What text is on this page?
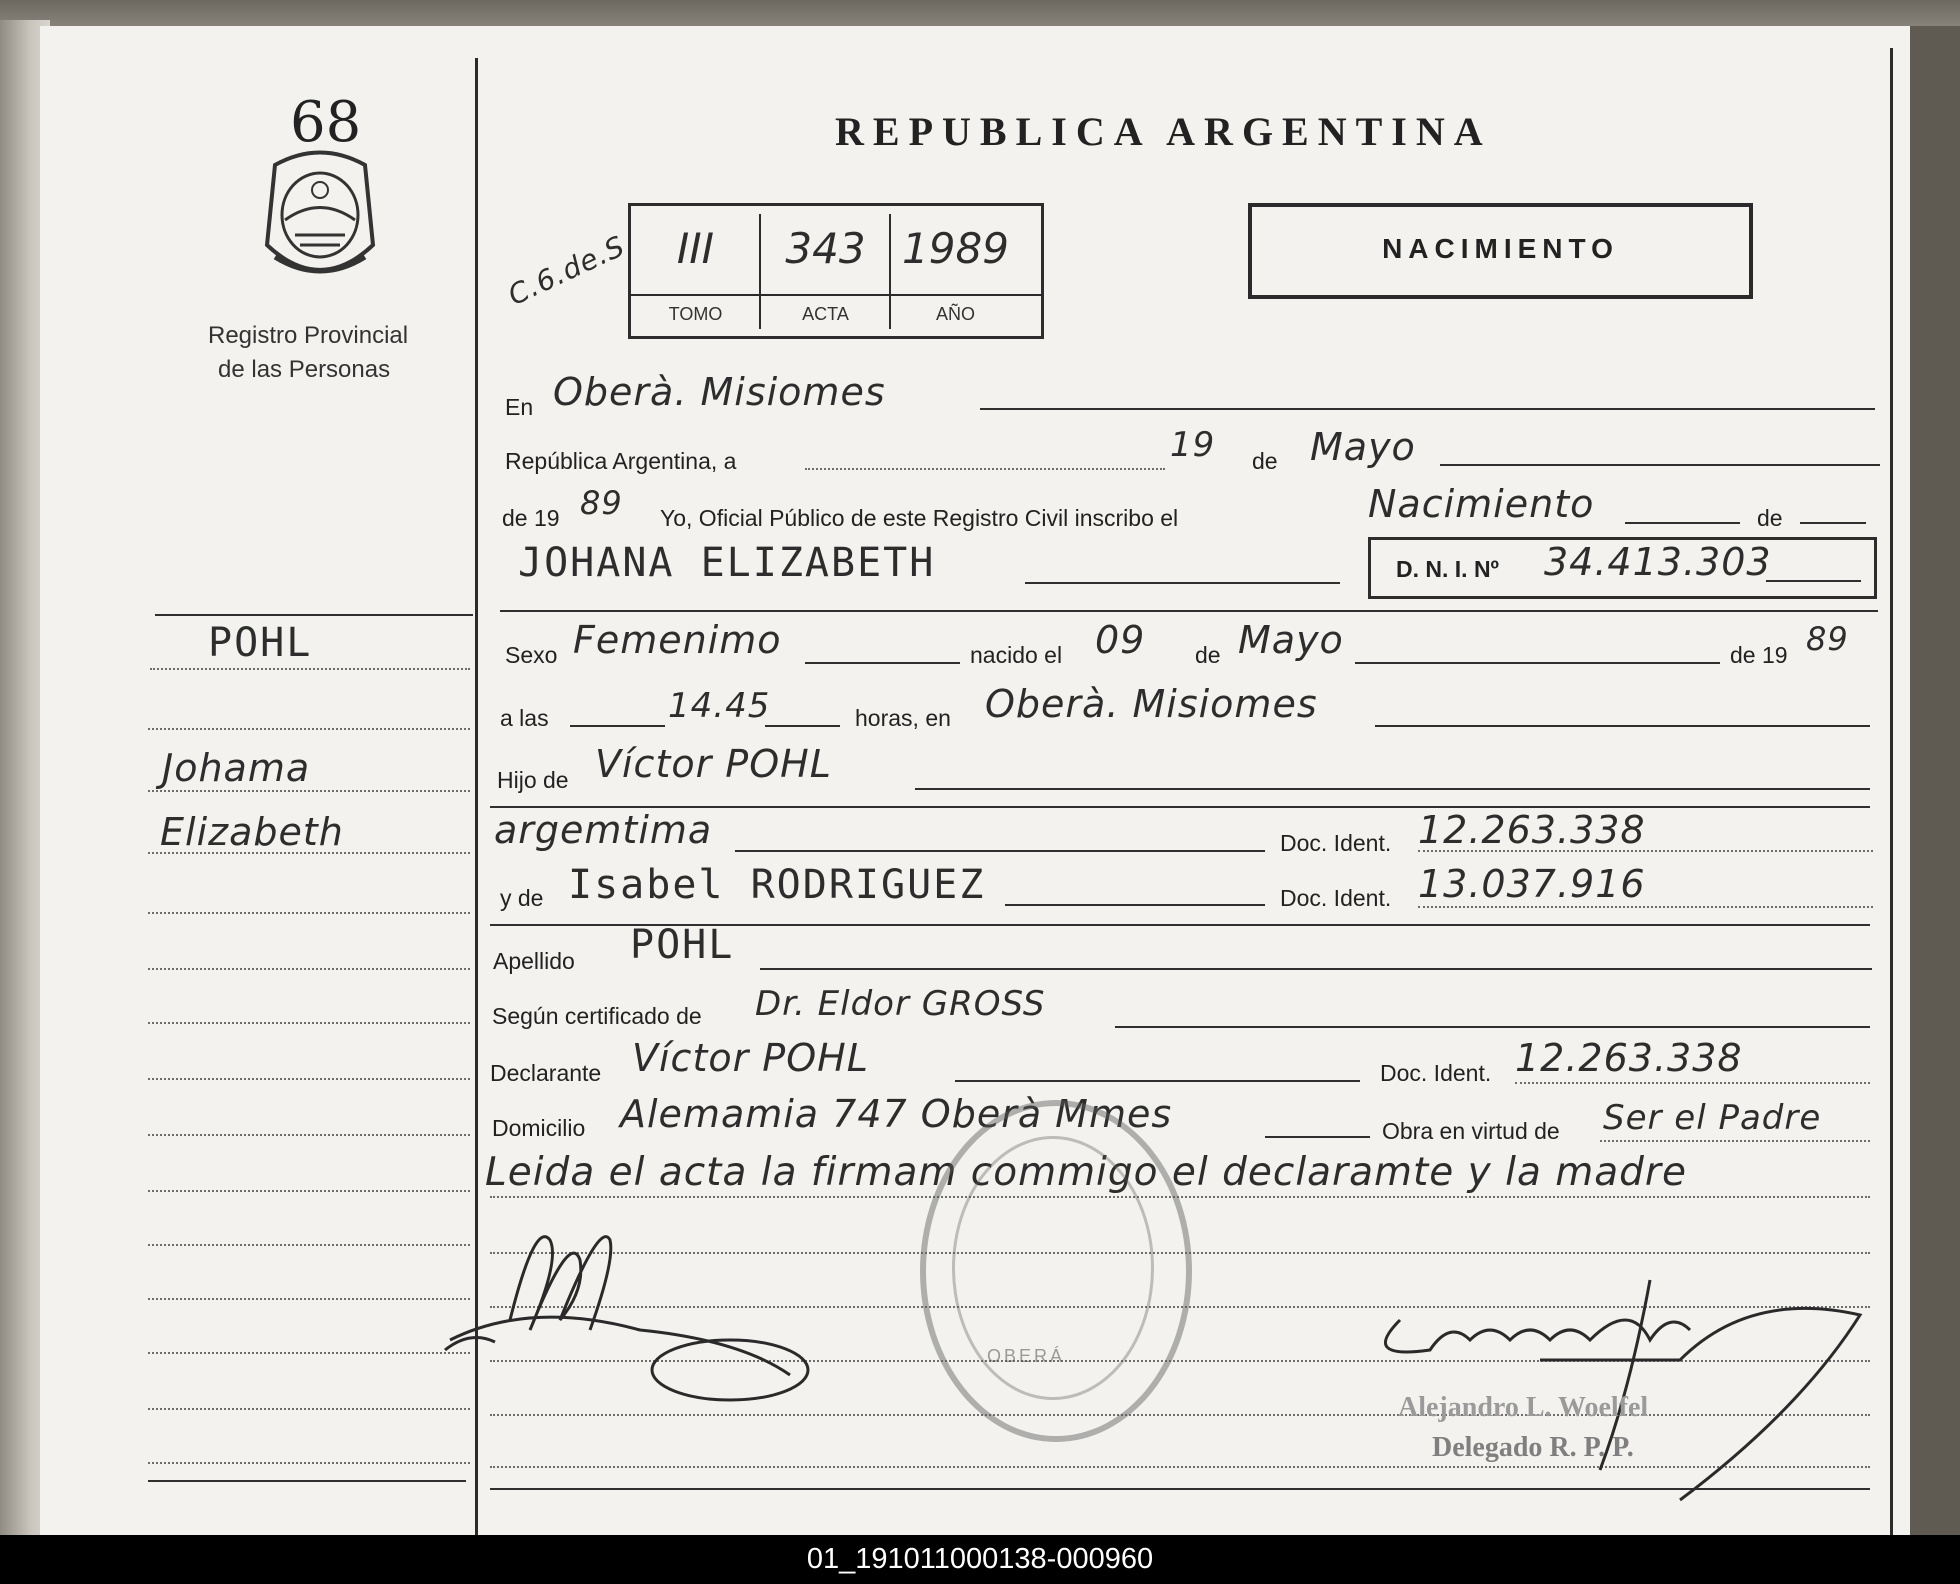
68
Registro Provincial
de las Personas
POHL
Johama
Elizabeth
REPUBLICA ARGENTINA
C.6.de.S	III	343 1989
TOMO	ACTA	AÑO
NACIMIENTO
En Oberà. Misiomes
República Argentina, a	19 de Mayo
de 19 89 Yo, Oficial Público de este Registro Civil inscribo el	Nacimiento	de
JOHANA ELIZABETH	D. N. I. Nº 34.413.303
Sexo Femenimo	nacido el 09 de Mayo	de 19 89
a las	14.45	horas, en Oberà. Misiomes
Hijo de Víctor POHL
argemtima	Doc. Ident. 12.263.338
y de Isabel RODRIGUEZ	Doc. Ident. 13.037.916
Apellido POHL
Según certificado de Dr. Eldor GROSS
Declarante Víctor POHL	Doc. Ident. 12.263.338
Domicilio Alemamia 747 Oberà Mmes	Obra en virtud de Ser el Padre
Leida el acta la firmam commigo el declaramte y la madre
OBERÁ
Alejandro L. Woelfel
Delegado R. P. P.
01_191011000138-000960
